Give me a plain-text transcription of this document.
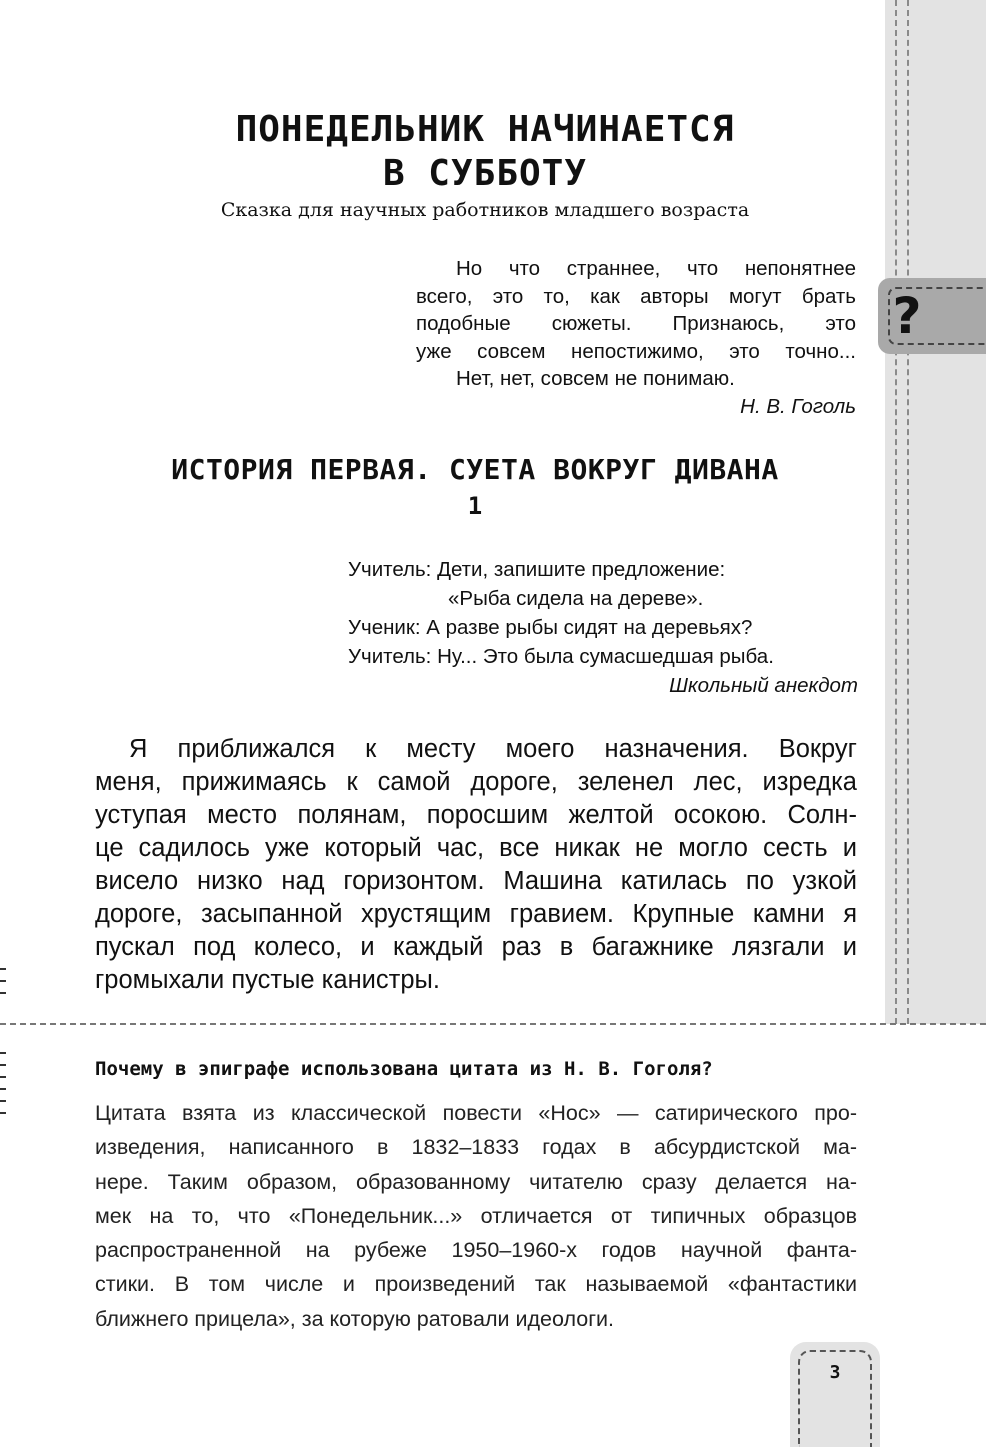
?
ПОНЕДЕЛЬНИК НАЧИНАЕТСЯ
В СУББОТУ

Сказка для научных работников младшего возраста

Но что страннее, что непонятнее
всего, это то, как авторы могут брать
подобные сюжеты. Признаюсь, это
уже совсем непостижимо, это точно...
Нет, нет, совсем не понимаю.
Н. В. Гоголь
ИСТОРИЯ ПЕРВАЯ. СУЕТА ВОКРУГ ДИВАНА
1
Учитель: Дети, запишите предложение:
«Рыба сидела на дереве».
Ученик: А разве рыбы сидят на деревьях?
Учитель: Ну... Это была сумасшедшая рыба.
Школьный анекдот
Я приближался к месту моего назначения. Вокруг
меня, прижимаясь к самой дороге, зеленел лес, изредка
уступая место полянам, поросшим желтой осокою. Солн-
це садилось уже который час, все никак не могло сесть и
висело низко над горизонтом. Машина катилась по узкой
дороге, засыпанной хрустящим гравием. Крупные камни я
пускал под колесо, и каждый раз в багажнике лязгали и
громыхали пустые канистры.
Почему в эпиграфе использована цитата из Н. В. Гоголя?
Цитата взята из классической повести «Нос» — сатирического про-
изведения, написанного в 1832–1833 годах в абсурдистской ма-
нере. Таким образом, образованному читателю сразу делается на-
мек на то, что «Понедельник...» отличается от типичных образцов
распространенной на рубеже 1950–1960-х годов научной фанта-
стики. В том числе и произведений так называемой «фантастики
ближнего прицела», за которую ратовали идеологи.
3
